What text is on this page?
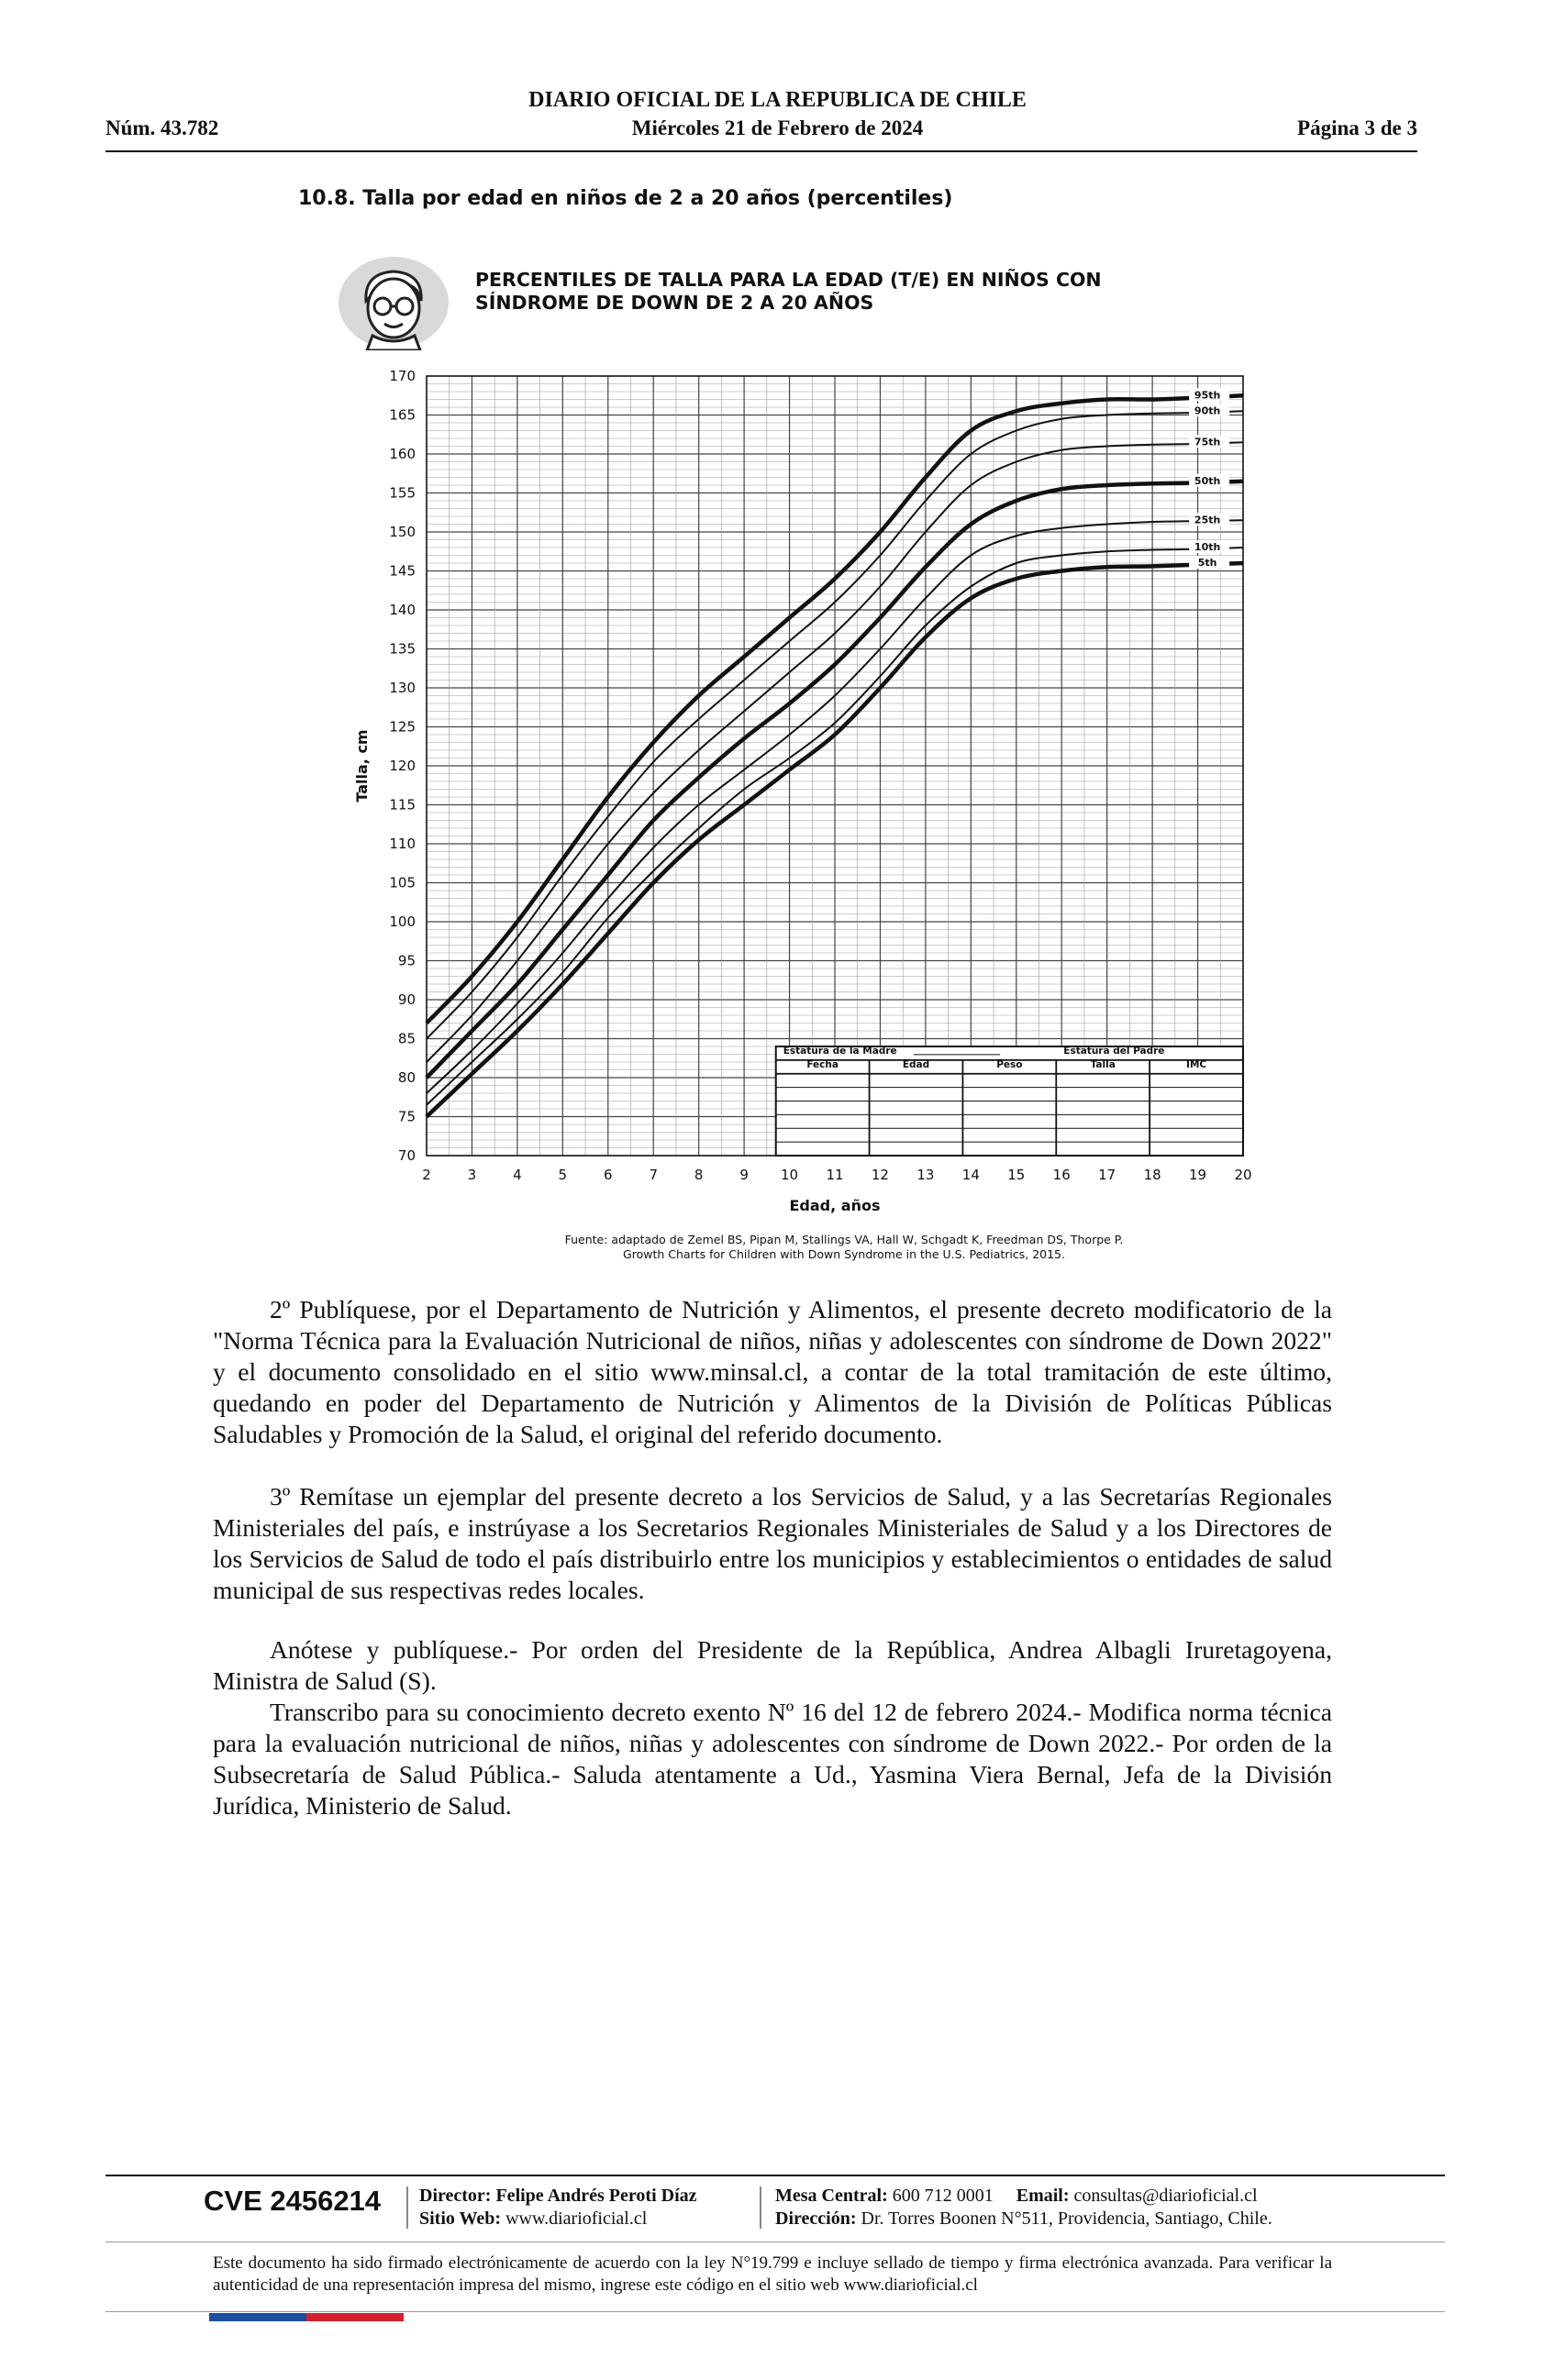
DIARIO OFICIAL DE LA REPUBLICA DE CHILE
Núm. 43.782	Miércoles 21 de Febrero de 2024	Página 3 de 3
10.8. Talla por edad en niños de 2 a 20 años (percentiles)
PERCENTILES DE TALLA PARA LA EDAD (T/E) EN NIÑOS CON
SÍNDROME DE DOWN DE 2 A 20 AÑOS
70
75
80
85
90
95
100
105
110
115
120
125
130
135
140
145
150
155
160
165
170
2	3	4	5	6	7	8	9 10 11 12 13 14 15 16 17 18 19 20
95th
90th
75th
50th
25th
10th
5th
Estatura de la Madre	Estatura del Padre
Fecha	Edad	Peso	Talla	IMC
Edad, años
Talla, cm
Fuente: adaptado de Zemel BS, Pipan M, Stallings VA, Hall W, Schgadt K, Freedman DS, Thorpe P.
Growth Charts for Children with Down Syndrome in the U.S. Pediatrics, 2015.
2º Publíquese, por el Departamento de Nutrición y Alimentos, el presente decreto modificatorio de la "Norma Técnica para la Evaluación Nutricional de niños, niñas y adolescentes con síndrome de Down 2022" y el documento consolidado en el sitio www.minsal.cl, a contar de la total tramitación de este último, quedando en poder del Departamento de Nutrición y Alimentos de la División de Políticas Públicas Saludables y Promoción de la Salud, el original del referido documento.
3º Remítase un ejemplar del presente decreto a los Servicios de Salud, y a las Secretarías Regionales Ministeriales del país, e instrúyase a los Secretarios Regionales Ministeriales de Salud y a los Directores de los Servicios de Salud de todo el país distribuirlo entre los municipios y establecimientos o entidades de salud municipal de sus respectivas redes locales.
Anótese y publíquese.- Por orden del Presidente de la República, Andrea Albagli Iruretagoyena, Ministra de Salud (S).
Transcribo para su conocimiento decreto exento Nº 16 del 12 de febrero 2024.- Modifica norma técnica para la evaluación nutricional de niños, niñas y adolescentes con síndrome de Down 2022.- Por orden de la Subsecretaría de Salud Pública.- Saluda atentamente a Ud., Yasmina Viera Bernal, Jefa de la División Jurídica, Ministerio de Salud.
CVE 2456214 Director: Felipe Andrés Peroti Díaz
Sitio Web: www.diarioficial.cl
Mesa Central: 600 712 0001 Email: consultas@diarioficial.cl
Dirección: Dr. Torres Boonen N°511, Providencia, Santiago, Chile.
Este documento ha sido firmado electrónicamente de acuerdo con la ley N°19.799 e incluye sellado de tiempo y firma electrónica avanzada. Para verificar la autenticidad de una representación impresa del mismo, ingrese este código en el sitio web www.diarioficial.cl
